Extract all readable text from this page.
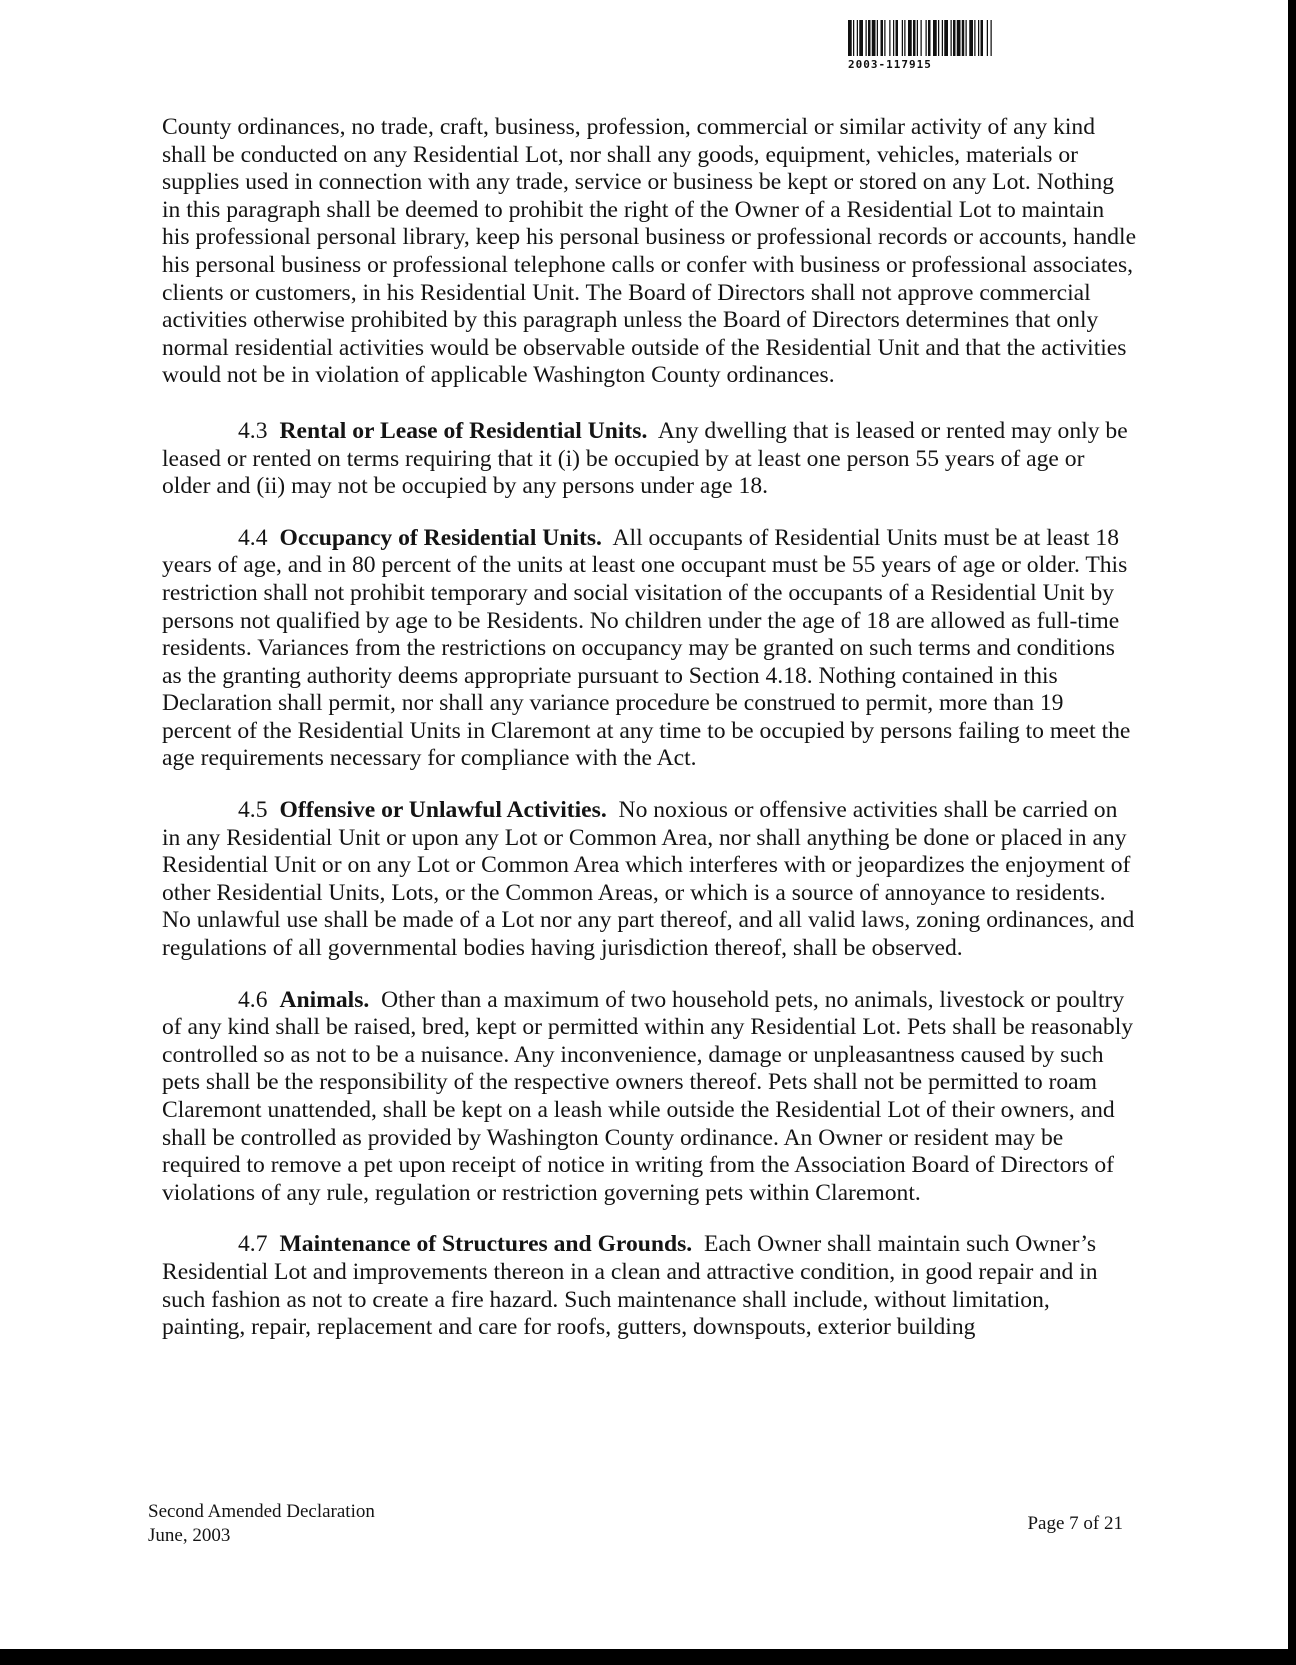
2003-117915

County ordinances, no trade, craft, business, profession, commercial or similar activity of any kind shall be conducted on any Residential Lot, nor shall any goods, equipment, vehicles, materials or supplies used in connection with any trade, service or business be kept or stored on any Lot. Nothing in this paragraph shall be deemed to prohibit the right of the Owner of a Residential Lot to maintain his professional personal library, keep his personal business or professional records or accounts, handle his personal business or professional telephone calls or confer with business or professional associates, clients or customers, in his Residential Unit. The Board of Directors shall not approve commercial activities otherwise prohibited by this paragraph unless the Board of Directors determines that only normal residential activities would be observable outside of the Residential Unit and that the activities would not be in violation of applicable Washington County ordinances.

4.3 Rental or Lease of Residential Units. Any dwelling that is leased or rented may only be leased or rented on terms requiring that it (i) be occupied by at least one person 55 years of age or older and (ii) may not be occupied by any persons under age 18.

4.4 Occupancy of Residential Units. All occupants of Residential Units must be at least 18 years of age, and in 80 percent of the units at least one occupant must be 55 years of age or older. This restriction shall not prohibit temporary and social visitation of the occupants of a Residential Unit by persons not qualified by age to be Residents. No children under the age of 18 are allowed as full-time residents. Variances from the restrictions on occupancy may be granted on such terms and conditions as the granting authority deems appropriate pursuant to Section 4.18. Nothing contained in this Declaration shall permit, nor shall any variance procedure be construed to permit, more than 19 percent of the Residential Units in Claremont at any time to be occupied by persons failing to meet the age requirements necessary for compliance with the Act.

4.5 Offensive or Unlawful Activities. No noxious or offensive activities shall be carried on in any Residential Unit or upon any Lot or Common Area, nor shall anything be done or placed in any Residential Unit or on any Lot or Common Area which interferes with or jeopardizes the enjoyment of other Residential Units, Lots, or the Common Areas, or which is a source of annoyance to residents. No unlawful use shall be made of a Lot nor any part thereof, and all valid laws, zoning ordinances, and regulations of all governmental bodies having jurisdiction thereof, shall be observed.

4.6 Animals. Other than a maximum of two household pets, no animals, livestock or poultry of any kind shall be raised, bred, kept or permitted within any Residential Lot. Pets shall be reasonably controlled so as not to be a nuisance. Any inconvenience, damage or unpleasantness caused by such pets shall be the responsibility of the respective owners thereof. Pets shall not be permitted to roam Claremont unattended, shall be kept on a leash while outside the Residential Lot of their owners, and shall be controlled as provided by Washington County ordinance. An Owner or resident may be required to remove a pet upon receipt of notice in writing from the Association Board of Directors of violations of any rule, regulation or restriction governing pets within Claremont.

4.7 Maintenance of Structures and Grounds. Each Owner shall maintain such Owner’s Residential Lot and improvements thereon in a clean and attractive condition, in good repair and in such fashion as not to create a fire hazard. Such maintenance shall include, without limitation, painting, repair, replacement and care for roofs, gutters, downspouts, exterior building

Second Amended Declaration
June, 2003
Page 7 of 21
